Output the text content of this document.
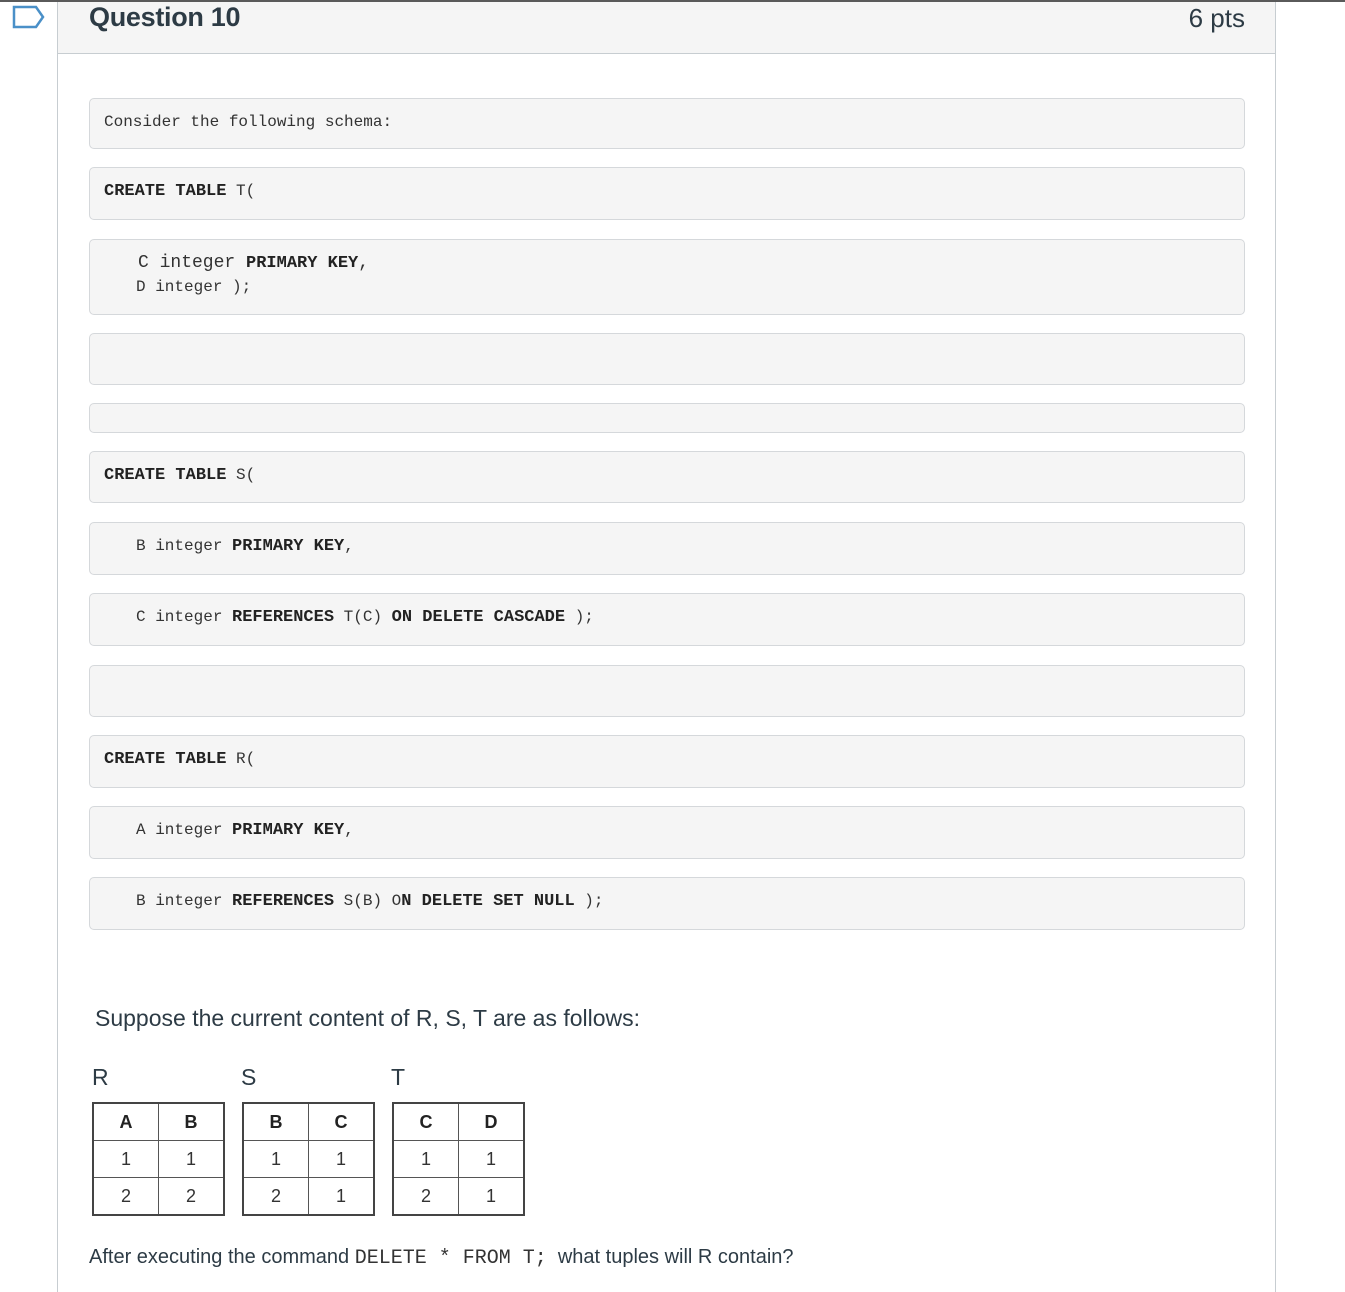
Question 10	6 pts

Consider the following schema:

CREATE TABLE T(

C integer PRIMARY KEY,

D integer );

CREATE TABLE S(

B integer PRIMARY KEY,

C integer REFERENCES T(C) ON DELETE CASCADE );

CREATE TABLE R(

A integer PRIMARY KEY,

B integer REFERENCES S(B) ON DELETE SET NULL );

Suppose the current content of R, S, T are as follows:
R	S	T
A	B
1	1
2	2
B	C
1	1
2	1
C	D
1	1
2	1
After executing the command DELETE * FROM T;  what tuples will R contain?
